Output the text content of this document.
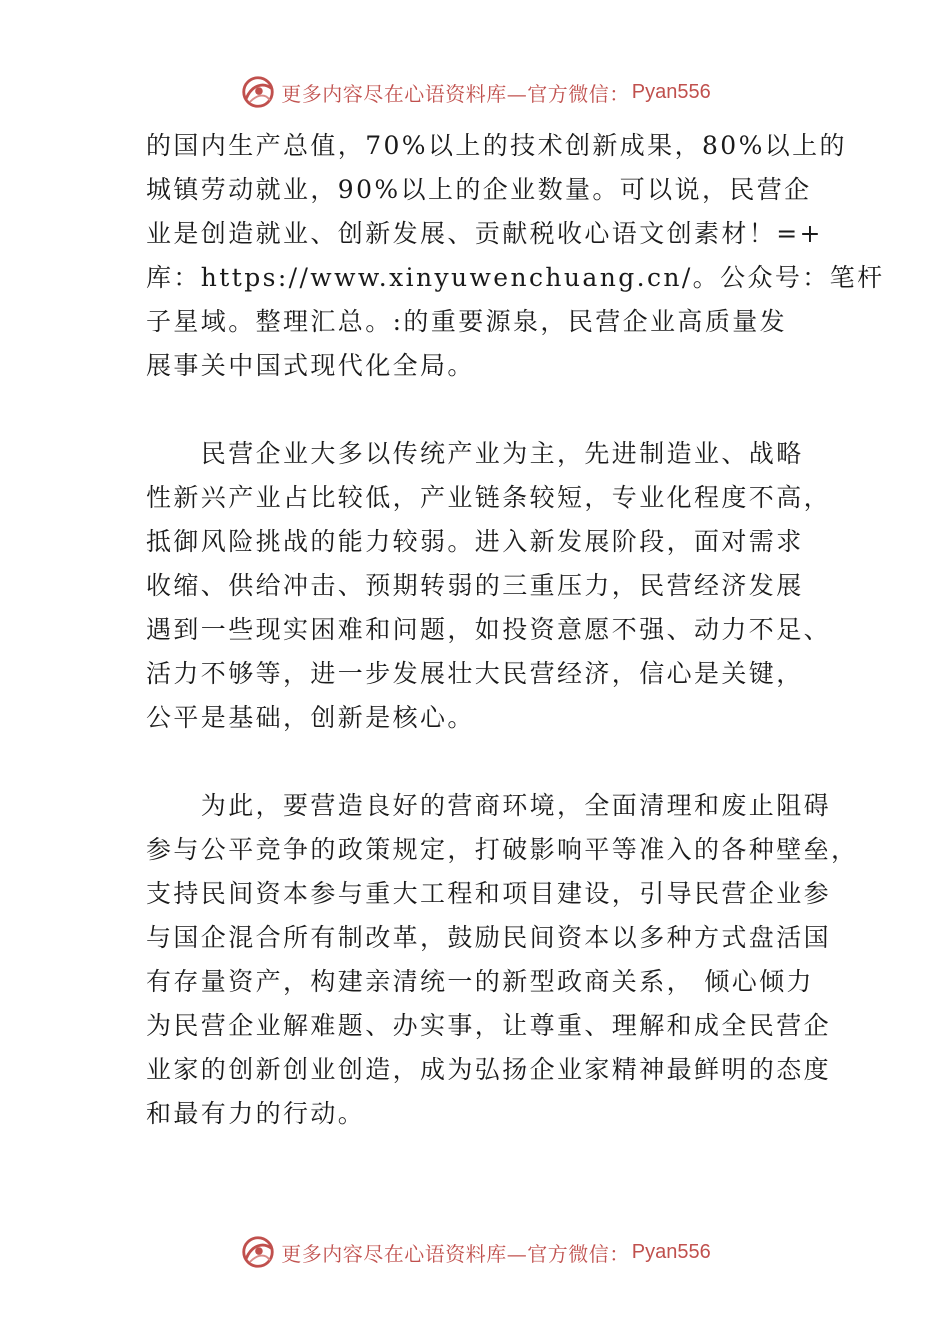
更多内容尽在心语资料库—官方微信： Pyan556
的国内生产总值，70%以上的技术创新成果，80%以上的
城镇劳动就业，90%以上的企业数量。可以说，民营企
业是创造就业、创新发展、贡献税收心语文创素材！=+
库：https://www.xinyuwenchuang.cn/。公众号：笔杆
子星域。整理汇总。:的重要源泉，民营企业高质量发
展事关中国式现代化全局。
　　民营企业大多以传统产业为主，先进制造业、战略
性新兴产业占比较低，产业链条较短，专业化程度不高，
抵御风险挑战的能力较弱。进入新发展阶段，面对需求
收缩、供给冲击、预期转弱的三重压力，民营经济发展
遇到一些现实困难和问题，如投资意愿不强、动力不足、
活力不够等，进一步发展壮大民营经济，信心是关键，
公平是基础，创新是核心。
　　为此，要营造良好的营商环境，全面清理和废止阻碍
参与公平竞争的政策规定，打破影响平等准入的各种壁垒，
支持民间资本参与重大工程和项目建设，引导民营企业参
与国企混合所有制改革，鼓励民间资本以多种方式盘活国
有存量资产，构建亲清统一的新型政商关系， 倾心倾力
为民营企业解难题、办实事，让尊重、理解和成全民营企
业家的创新创业创造，成为弘扬企业家精神最鲜明的态度
和最有力的行动。
更多内容尽在心语资料库—官方微信： Pyan556
